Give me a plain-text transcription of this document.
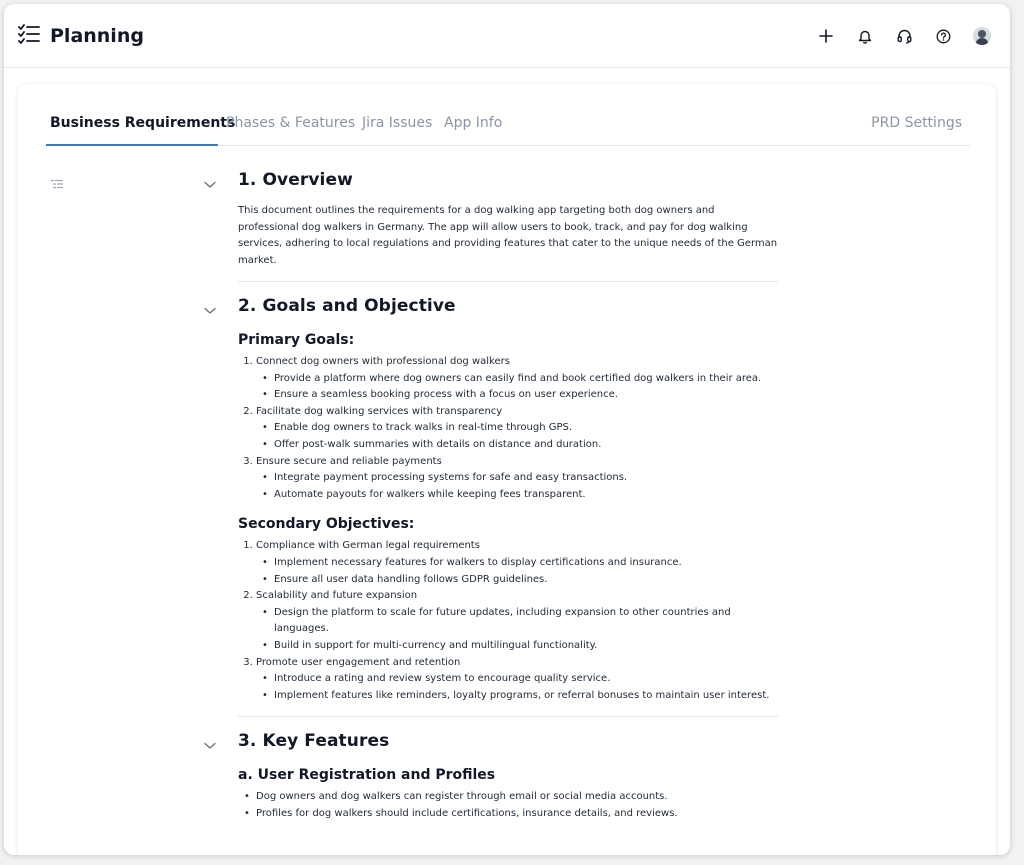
Planning
Business Requirements
Phases & Features Jira Issues App Info	PRD Settings
1. Overview

This document outlines the requirements for a dog walking app targeting both dog owners and professional dog walkers in Germany. The app will allow users to book, track, and pay for dog walking services, adhering to local regulations and providing features that cater to the unique needs of the German market.

2. Goals and Objective
Primary Goals:
1. Connect dog owners with professional dog walkers
• Provide a platform where dog owners can easily find and book certified dog walkers in their area.
• Ensure a seamless booking process with a focus on user experience.
2. Facilitate dog walking services with transparency
• Enable dog owners to track walks in real-time through GPS.
• Offer post-walk summaries with details on distance and duration.
3. Ensure secure and reliable payments
• Integrate payment processing systems for safe and easy transactions.
• Automate payouts for walkers while keeping fees transparent.
Secondary Objectives:
1. Compliance with German legal requirements
• Implement necessary features for walkers to display certifications and insurance.
• Ensure all user data handling follows GDPR guidelines.
2. Scalability and future expansion
• Design the platform to scale for future updates, including expansion to other countries and languages.
• Build in support for multi-currency and multilingual functionality.
3. Promote user engagement and retention
• Introduce a rating and review system to encourage quality service.
• Implement features like reminders, loyalty programs, or referral bonuses to maintain user interest.
3. Key Features
a. User Registration and Profiles
• Dog owners and dog walkers can register through email or social media accounts.
• Profiles for dog walkers should include certifications, insurance details, and reviews.
